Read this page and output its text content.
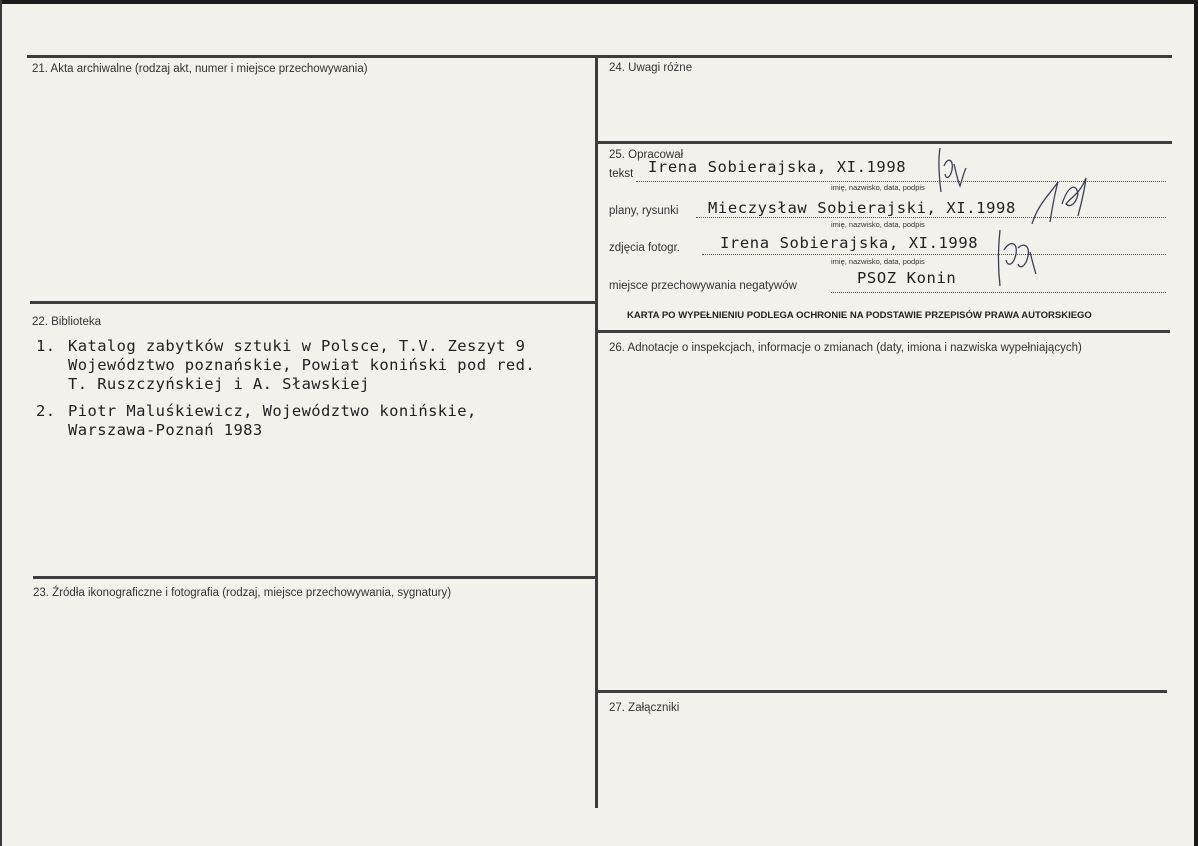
21. Akta archiwalne (rodzaj akt, numer i miejsce przechowywania)
22. Biblioteka
1. Katalog zabytków sztuki w Polsce, T.V. Zeszyt 9
Województwo poznańskie, Powiat koniński pod red.
T. Ruszczyńskiej i A. Sławskiej
2. Piotr Maluśkiewicz, Województwo konińskie,
Warszawa-Poznań 1983
23. Źródła ikonograficzne i fotografia (rodzaj, miejsce przechowywania, sygnatury)
24. Uwagi różne
25. Opracował
tekst Irena Sobierajska, XI.1998
imię, nazwisko, data, podpis
plany, rysunki Mieczysław Sobierajski, XI.1998
imię, nazwisko, data, podpis
zdjęcia fotogr.	Irena Sobierajska, XI.1998
imię, nazwisko, data, podpis
miejsce przechowywania negatywów	PSOZ Konin
KARTA PO WYPEŁNIENIU PODLEGA OCHRONIE NA PODSTAWIE PRZEPISÓW PRAWA AUTORSKIEGO
26. Adnotacje o inspekcjach, informacje o zmianach (daty, imiona i nazwiska wypełniających)
27. Załączniki
